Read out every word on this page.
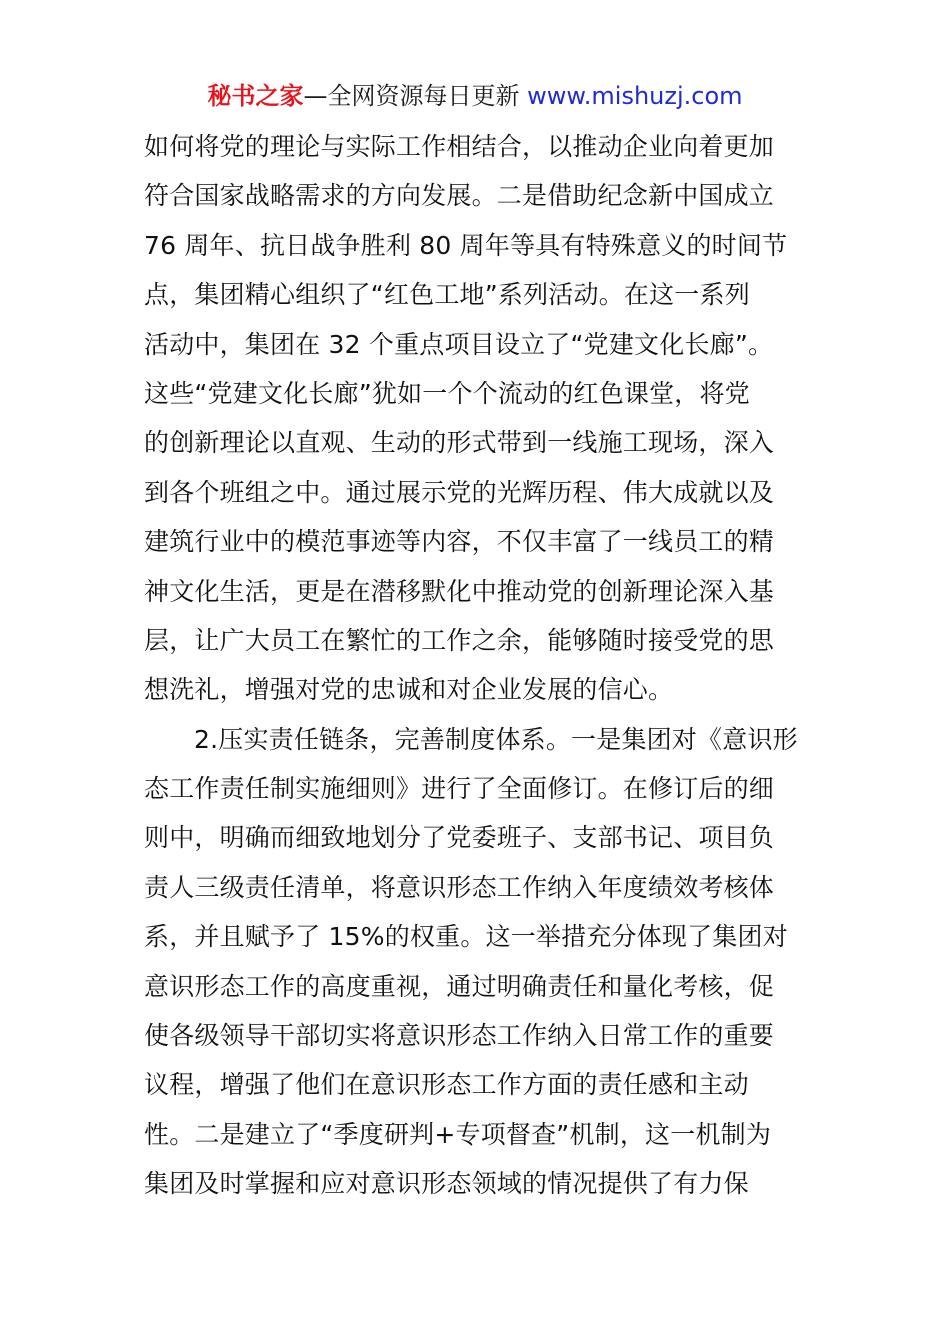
秘书之家—全网资源每日更新 www.mishuzj.com
如何将党的理论与实际工作相结合，以推动企业向着更加
符合国家战略需求的方向发展。二是借助纪念新中国成立
76 周年、抗日战争胜利 80 周年等具有特殊意义的时间节
点，集团精心组织了“红色工地”系列活动。在这一系列
活动中，集团在 32 个重点项目设立了“党建文化长廊”。
这些“党建文化长廊”犹如一个个流动的红色课堂，将党
的创新理论以直观、生动的形式带到一线施工现场，深入
到各个班组之中。通过展示党的光辉历程、伟大成就以及
建筑行业中的模范事迹等内容，不仅丰富了一线员工的精
神文化生活，更是在潜移默化中推动党的创新理论深入基
层，让广大员工在繁忙的工作之余，能够随时接受党的思
想洗礼，增强对党的忠诚和对企业发展的信心。
2.压实责任链条，完善制度体系。一是集团对《意识形
态工作责任制实施细则》进行了全面修订。在修订后的细
则中，明确而细致地划分了党委班子、支部书记、项目负
责人三级责任清单，将意识形态工作纳入年度绩效考核体
系，并且赋予了 15%的权重。这一举措充分体现了集团对
意识形态工作的高度重视，通过明确责任和量化考核，促
使各级领导干部切实将意识形态工作纳入日常工作的重要
议程，增强了他们在意识形态工作方面的责任感和主动
性。二是建立了“季度研判+专项督查”机制，这一机制为
集团及时掌握和应对意识形态领域的情况提供了有力保
